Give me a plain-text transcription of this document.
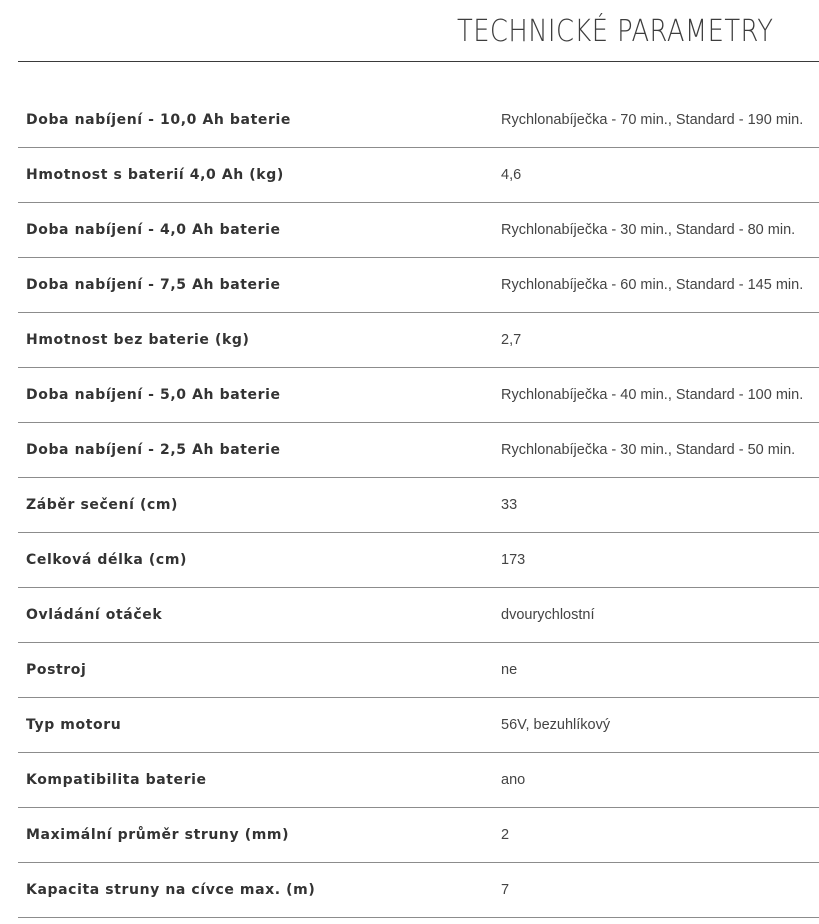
TECHNICKÉ PARAMETRY
Doba nabíjení - 10,0 Ah baterie	Rychlonabíječka - 70 min., Standard - 190 min.
Hmotnost s baterií 4,0 Ah (kg)	4,6
Doba nabíjení - 4,0 Ah baterie	Rychlonabíječka - 30 min., Standard - 80 min.
Doba nabíjení - 7,5 Ah baterie	Rychlonabíječka - 60 min., Standard - 145 min.
Hmotnost bez baterie (kg)	2,7
Doba nabíjení - 5,0 Ah baterie	Rychlonabíječka - 40 min., Standard - 100 min.
Doba nabíjení - 2,5 Ah baterie	Rychlonabíječka - 30 min., Standard - 50 min.
Záběr sečení (cm)	33
Celková délka (cm)	173
Ovládání otáček	dvourychlostní
Postroj	ne
Typ motoru	56V, bezuhlíkový
Kompatibilita baterie	ano
Maximální průměr struny (mm)	2
Kapacita struny na cívce max. (m)	7
